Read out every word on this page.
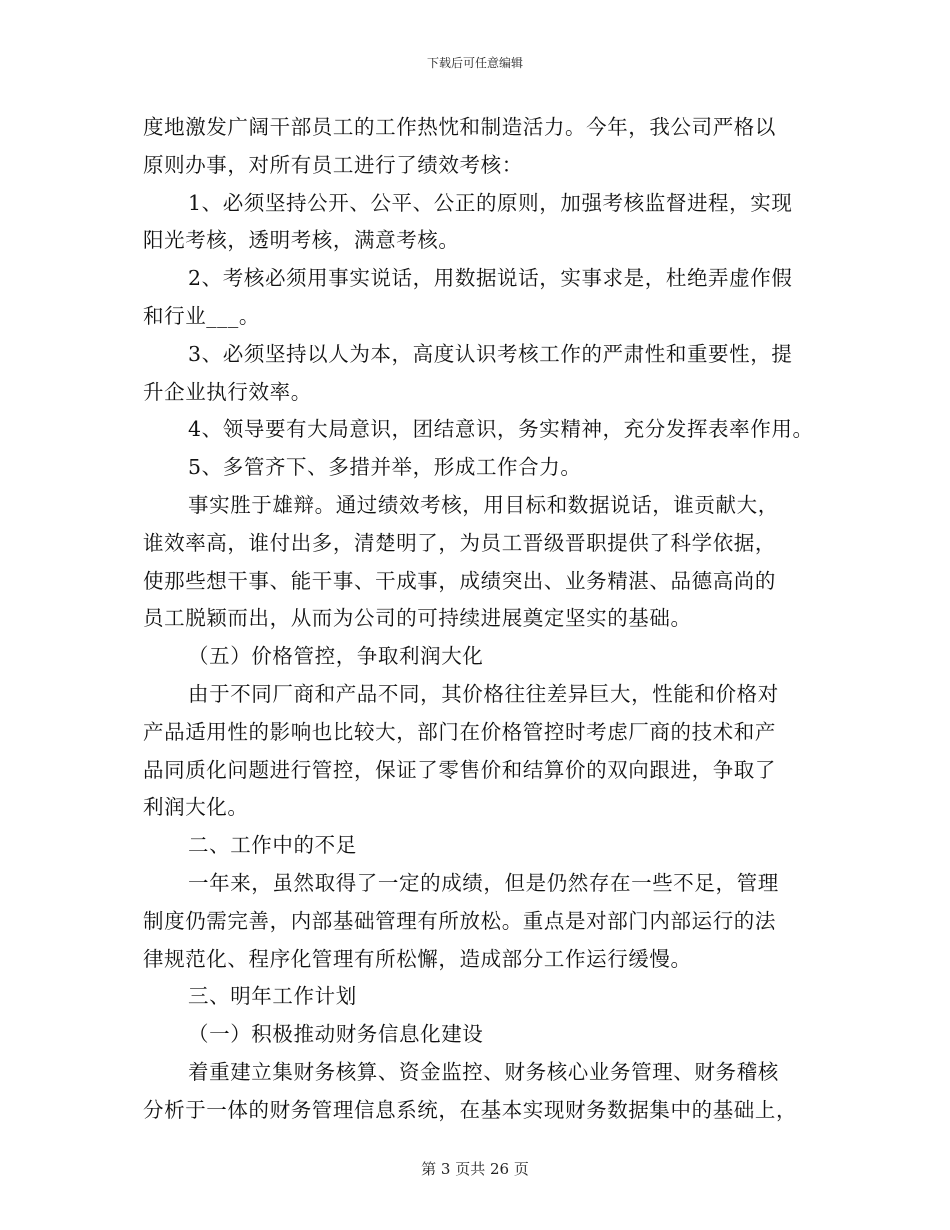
下载后可任意编辑
度地激发广阔干部员工的工作热忱和制造活力。今年，我公司严格以
原则办事，对所有员工进行了绩效考核：
1、必须坚持公开、公平、公正的原则，加强考核监督进程，实现
阳光考核，透明考核，满意考核。
2、考核必须用事实说话，用数据说话，实事求是，杜绝弄虚作假
和行业___。
3、必须坚持以人为本，高度认识考核工作的严肃性和重要性，提
升企业执行效率。
4、领导要有大局意识，团结意识，务实精神，充分发挥表率作用。
5、多管齐下、多措并举，形成工作合力。
事实胜于雄辩。通过绩效考核，用目标和数据说话，谁贡献大，
谁效率高，谁付出多，清楚明了，为员工晋级晋职提供了科学依据，
使那些想干事、能干事、干成事，成绩突出、业务精湛、品德高尚的
员工脱颖而出，从而为公司的可持续进展奠定坚实的基础。
（五）价格管控，争取利润大化
由于不同厂商和产品不同，其价格往往差异巨大，性能和价格对
产品适用性的影响也比较大，部门在价格管控时考虑厂商的技术和产
品同质化问题进行管控，保证了零售价和结算价的双向跟进，争取了
利润大化。
二、工作中的不足
一年来，虽然取得了一定的成绩，但是仍然存在一些不足，管理
制度仍需完善，内部基础管理有所放松。重点是对部门内部运行的法
律规范化、程序化管理有所松懈，造成部分工作运行缓慢。
三、明年工作计划
（一）积极推动财务信息化建设
着重建立集财务核算、资金监控、财务核心业务管理、财务稽核
分析于一体的财务管理信息系统，在基本实现财务数据集中的基础上，
第 3 页共 26 页
